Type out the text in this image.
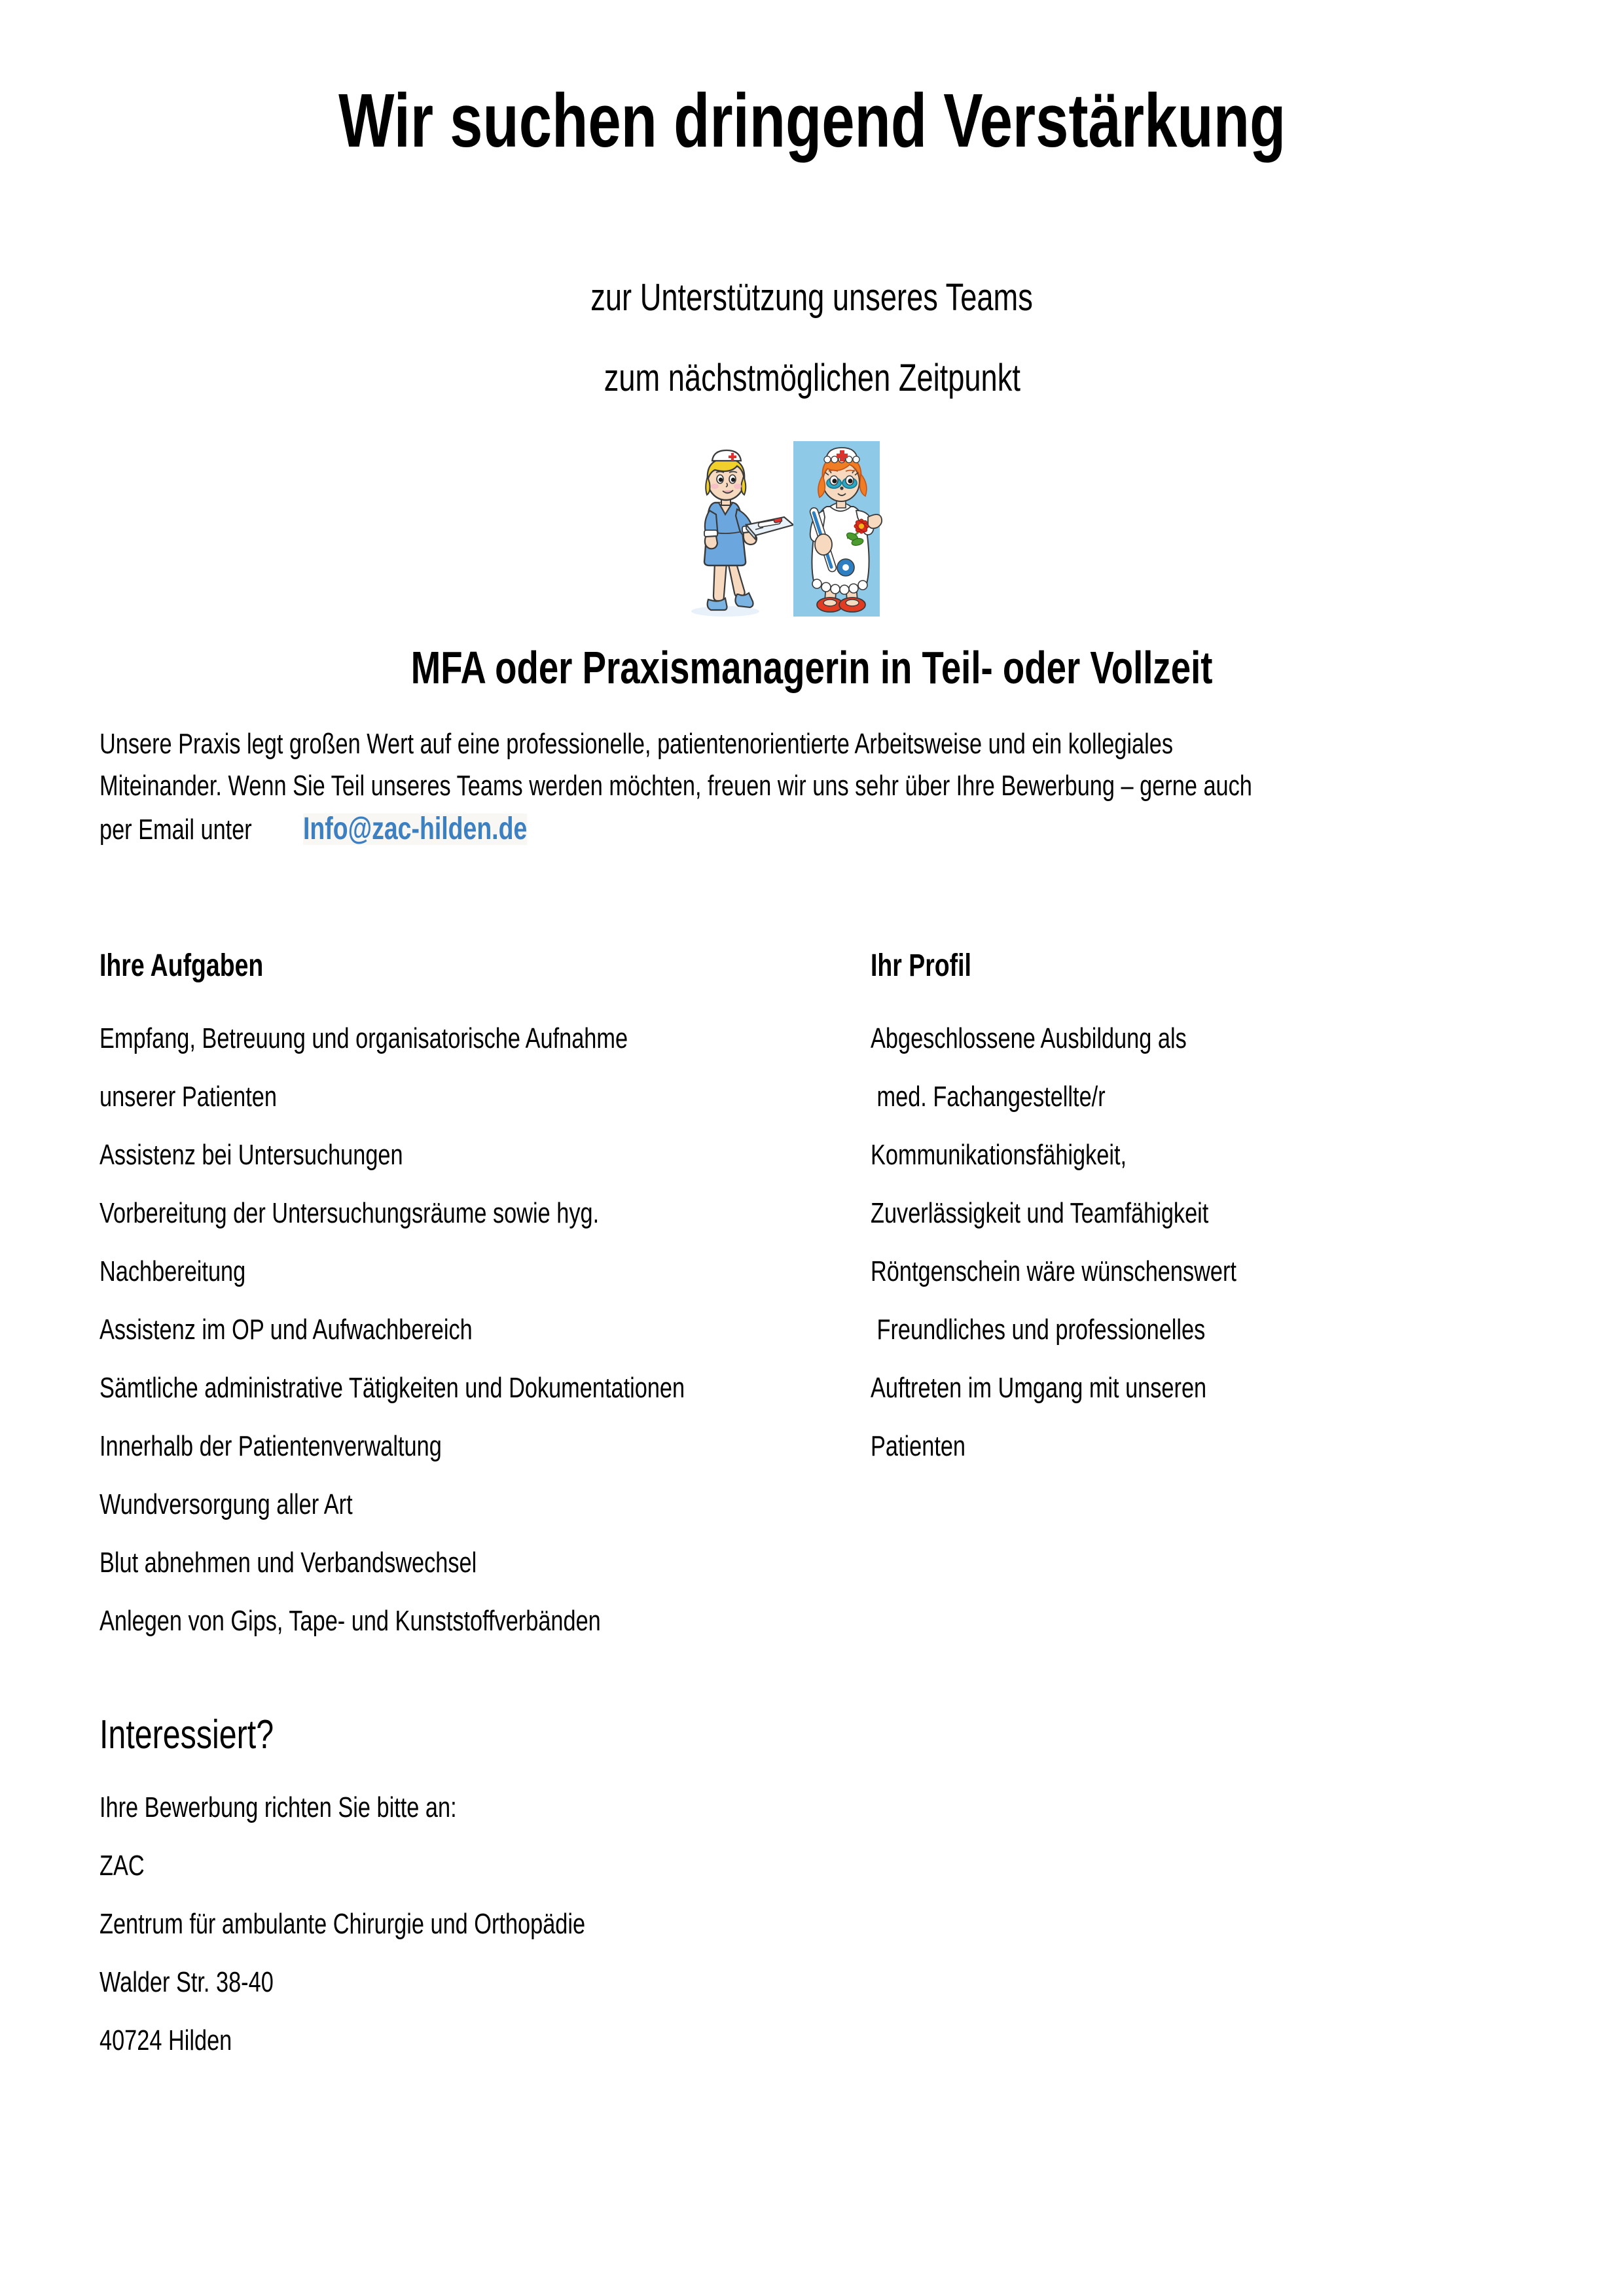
Wir suchen dringend Verstärkung
zur Unterstützung unseres Teams
zum nächstmöglichen Zeitpunkt
MFA oder Praxismanagerin in Teil- oder Vollzeit
Unsere Praxis legt großen Wert auf eine professionelle, patientenorientierte Arbeitsweise und ein kollegiales
Miteinander. Wenn Sie Teil unseres Teams werden möchten, freuen wir uns sehr über Ihre Bewerbung – gerne auch
per Email unter Info@zac-hilden.de
Ihre Aufgaben
Empfang, Betreuung und organisatorische Aufnahme
unserer Patienten
Assistenz bei Untersuchungen
Vorbereitung der Untersuchungsräume sowie hyg.
Nachbereitung
Assistenz im OP und Aufwachbereich
Sämtliche administrative Tätigkeiten und Dokumentationen
Innerhalb der Patientenverwaltung
Wundversorgung aller Art
Blut abnehmen und Verbandswechsel
Anlegen von Gips, Tape- und Kunststoffverbänden
Ihr Profil
Abgeschlossene Ausbildung als
med. Fachangestellte/r
Kommunikationsfähigkeit,
Zuverlässigkeit und Teamfähigkeit
Röntgenschein wäre wünschenswert
Freundliches und professionelles
Auftreten im Umgang mit unseren
Patienten
Interessiert?
Ihre Bewerbung richten Sie bitte an:
ZAC
Zentrum für ambulante Chirurgie und Orthopädie
Walder Str. 38-40
40724 Hilden
